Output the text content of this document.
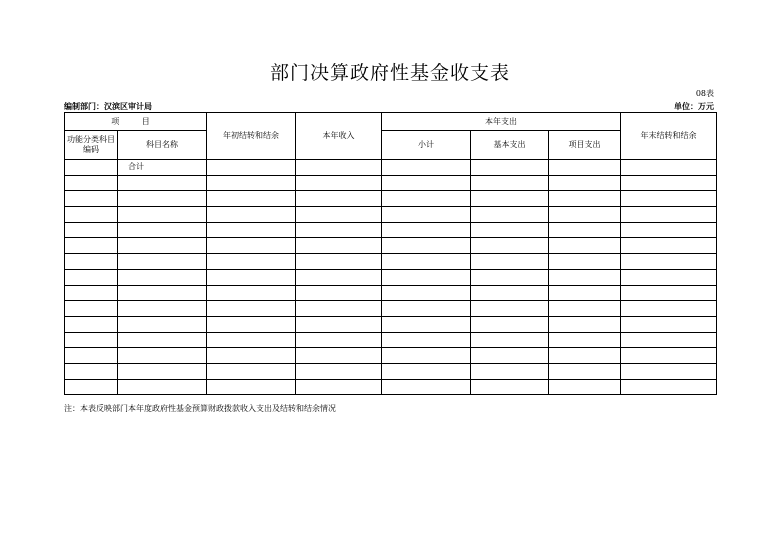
部门决算政府性基金收支表
08表
编制部门：汉滨区审计局	单位：万元
项 目		年初结转和结余	本年收入	本年支出			年末结转和结余
功能分类科目编码	科目名称			小计	基本支出	项目支出	
	合计						

注：本表反映部门本年度政府性基金预算财政拨款收入支出及结转和结余情况
